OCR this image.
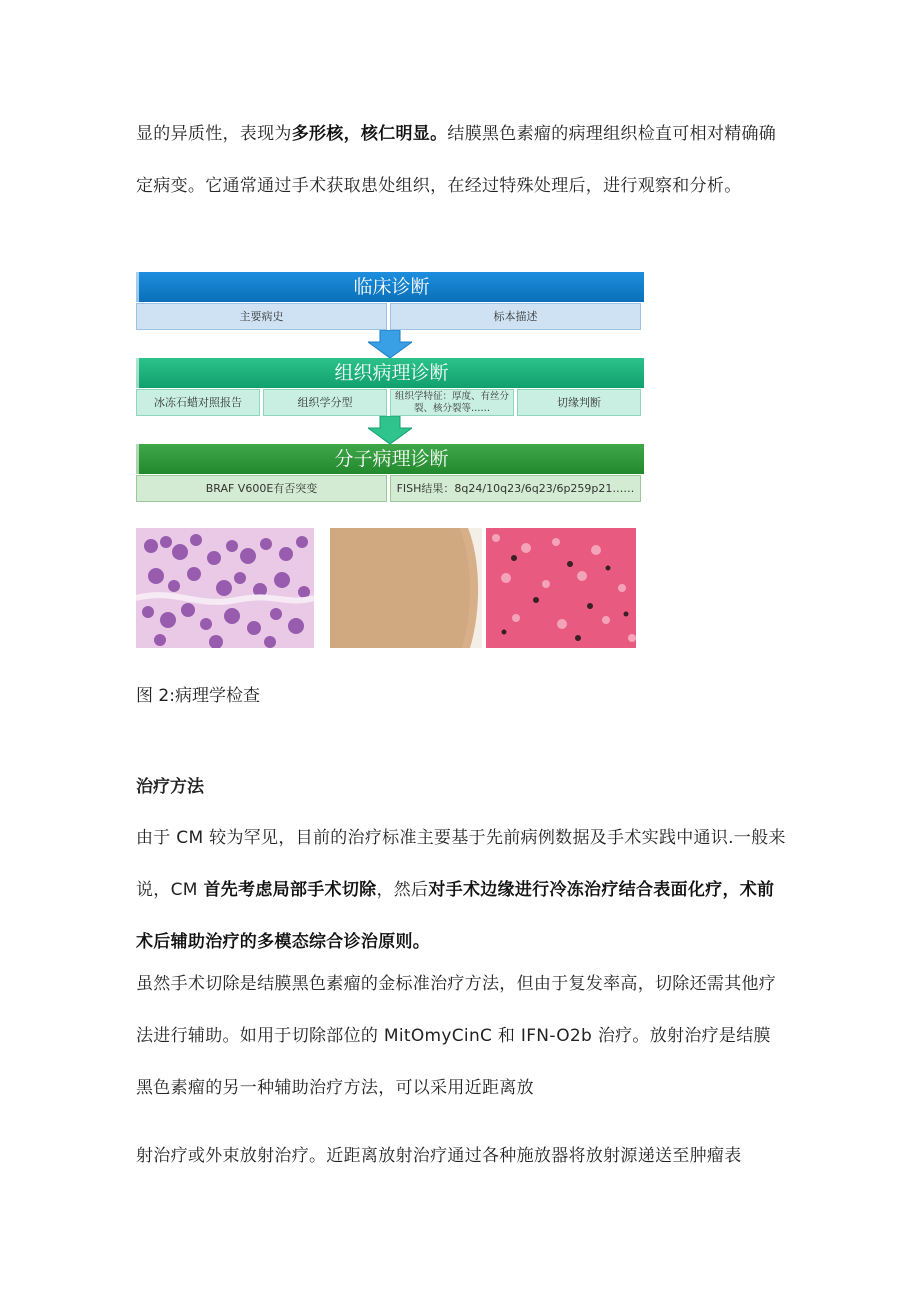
显的异质性，表现为多形核，核仁明显。结膜黑色素瘤的病理组织检直可相对精确确定病变。它通常通过手术获取患处组织，在经过特殊处理后，进行观察和分析。

临床诊断
主要病史	标本描述
组织病理诊断
冰冻石蜡对照报告	组织学分型	组织学特征：厚度、有丝分裂、核分裂等……	切缘判断
分子病理诊断
BRAF V600E有否突变	FISH结果：8q24/10q23/6q23/6p259p21……
图 2:病理学检查
治疗方法

由于 CM 较为罕见，目前的治疗标准主要基于先前病例数据及手术实践中通识.一般来说，CM 首先考虑局部手术切除，然后对手术边缘进行冷冻治疗结合表面化疗，术前术后辅助治疗的多模态综合诊治原则。

虽然手术切除是结膜黑色素瘤的金标准治疗方法，但由于复发率高，切除还需其他疗法进行辅助。如用于切除部位的 MitOmyCinC 和 IFN-O2b 治疗。放射治疗是结膜黑色素瘤的另一种辅助治疗方法，可以采用近距离放

射治疗或外束放射治疗。近距离放射治疗通过各种施放器将放射源递送至肿瘤表
